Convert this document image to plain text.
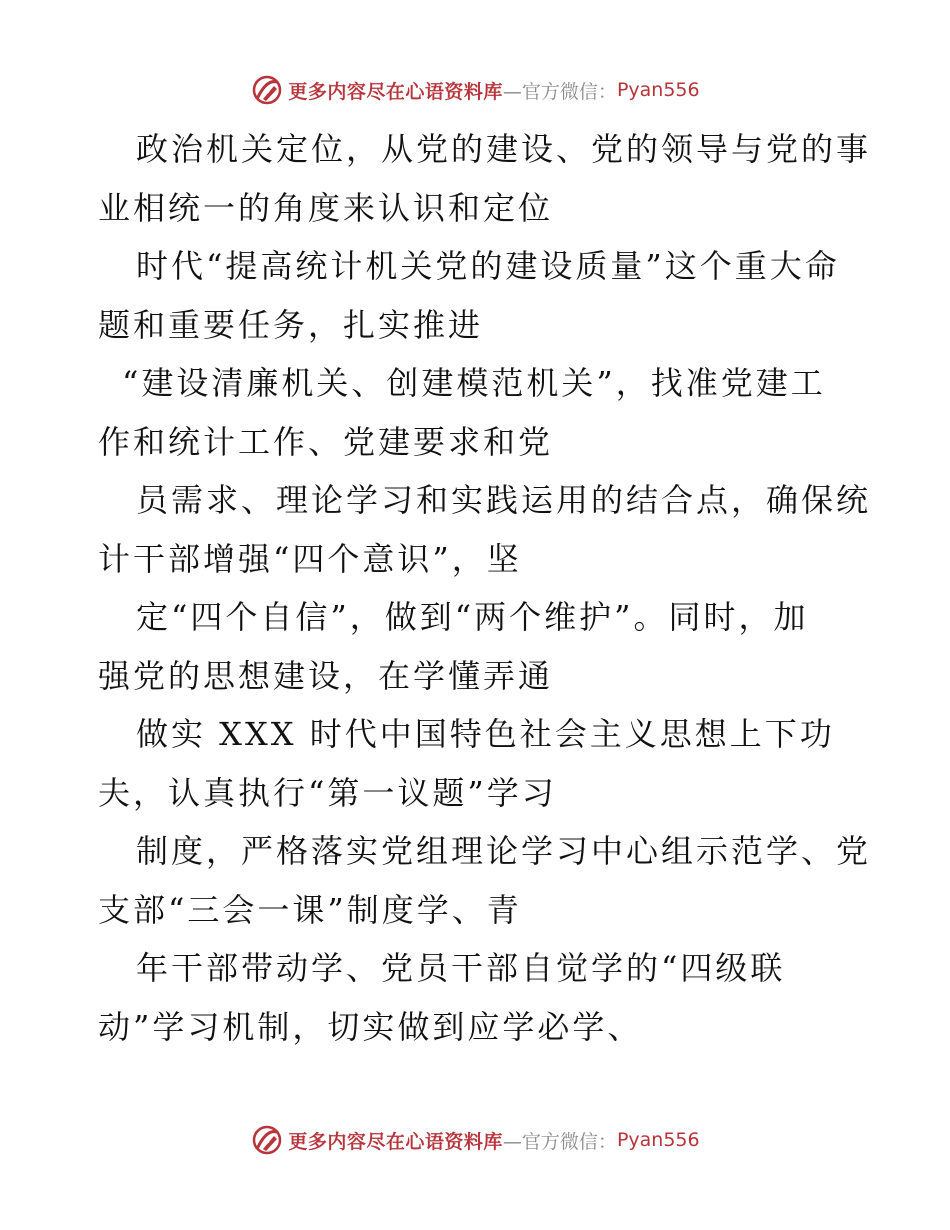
更多内容尽在心语资料库 —官方微信： Pyan556
政治机关定位，从党的建设、党的领导与党的事
业相统一的角度来认识和定位
时代“提高统计机关党的建设质量”这个重大命
题和重要任务，扎实推进
“建设清廉机关、创建模范机关”，找准党建工
作和统计工作、党建要求和党
员需求、理论学习和实践运用的结合点，确保统
计干部增强“四个意识”，坚
定“四个自信”，做到“两个维护”。同时，加
强党的思想建设，在学懂弄通
做实 XXX 时代中国特色社会主义思想上下功
夫，认真执行“第一议题”学习
制度，严格落实党组理论学习中心组示范学、党
支部“三会一课”制度学、青
年干部带动学、党员干部自觉学的“四级联
动”学习机制，切实做到应学必学、
更多内容尽在心语资料库 —官方微信： Pyan556
